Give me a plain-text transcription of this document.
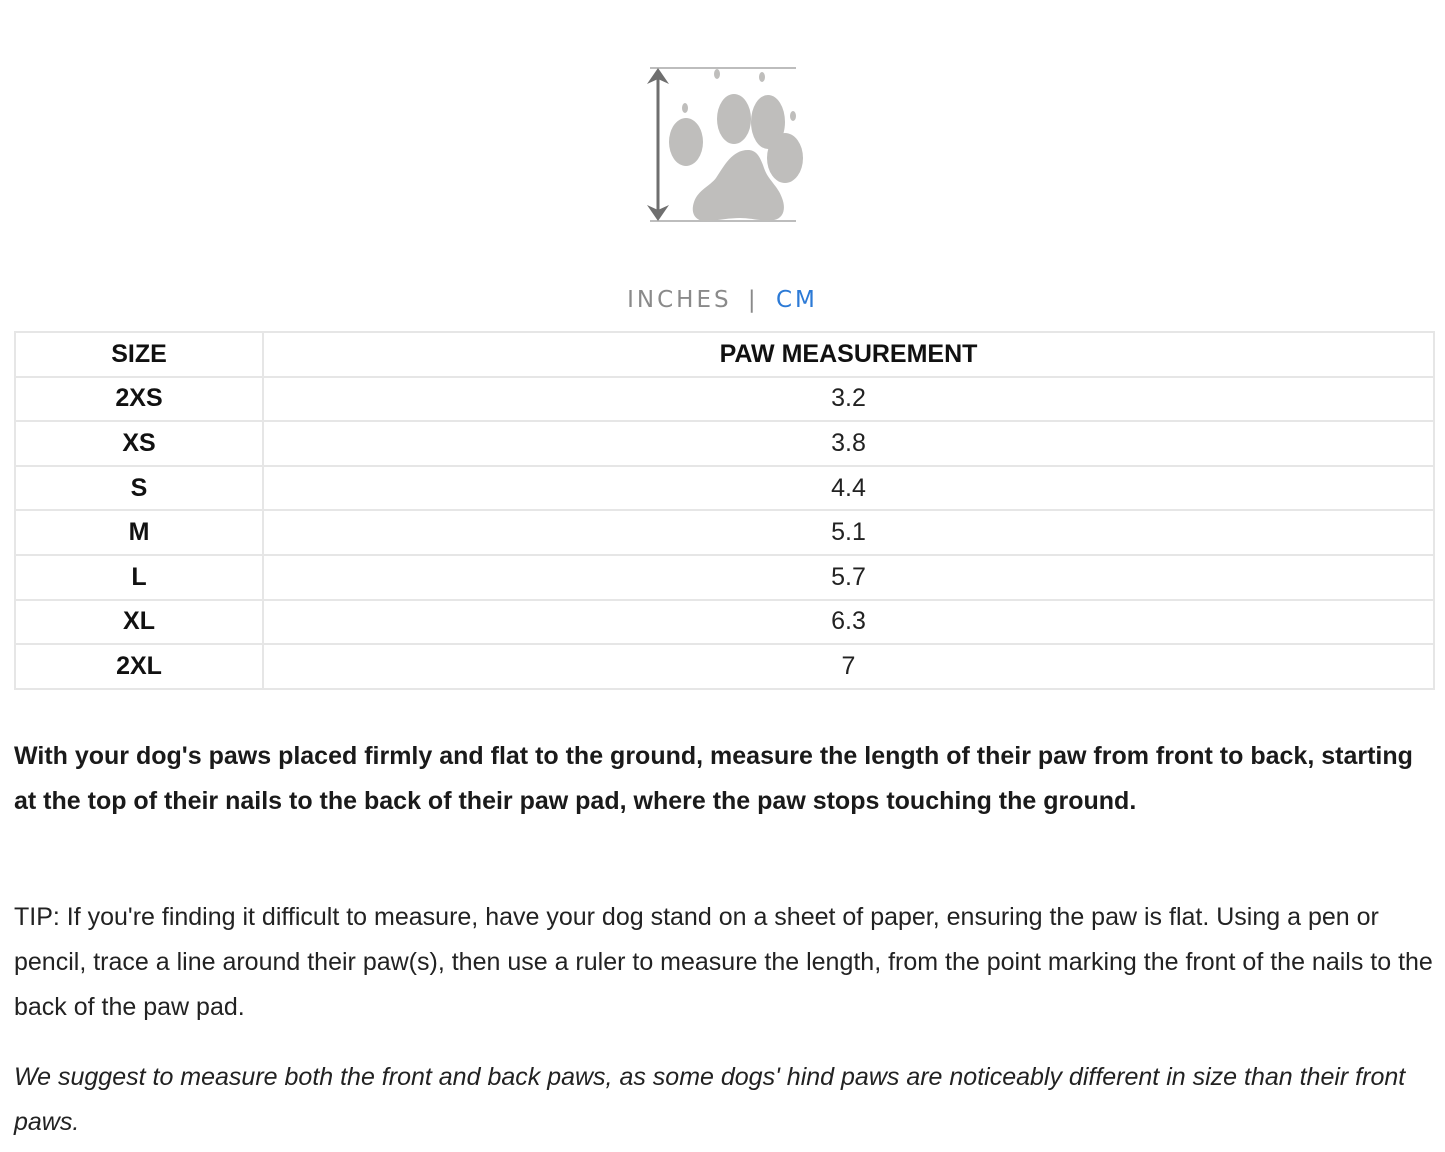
INCHES | CM
SIZE	PAW MEASUREMENT
2XS	3.2
XS	3.8
S	4.4
M	5.1
L	5.7
XL	6.3
2XL	7

With your dog's paws placed firmly and flat to the ground, measure the length of their paw from front to back, starting at the top of their nails to the back of their paw pad, where the paw stops touching the ground.

TIP: If you're finding it difficult to measure, have your dog stand on a sheet of paper, ensuring the paw is flat. Using a pen or pencil, trace a line around their paw(s), then use a ruler to measure the length, from the point marking the front of the nails to the back of the paw pad.

We suggest to measure both the front and back paws, as some dogs' hind paws are noticeably different in size than their front paws.
